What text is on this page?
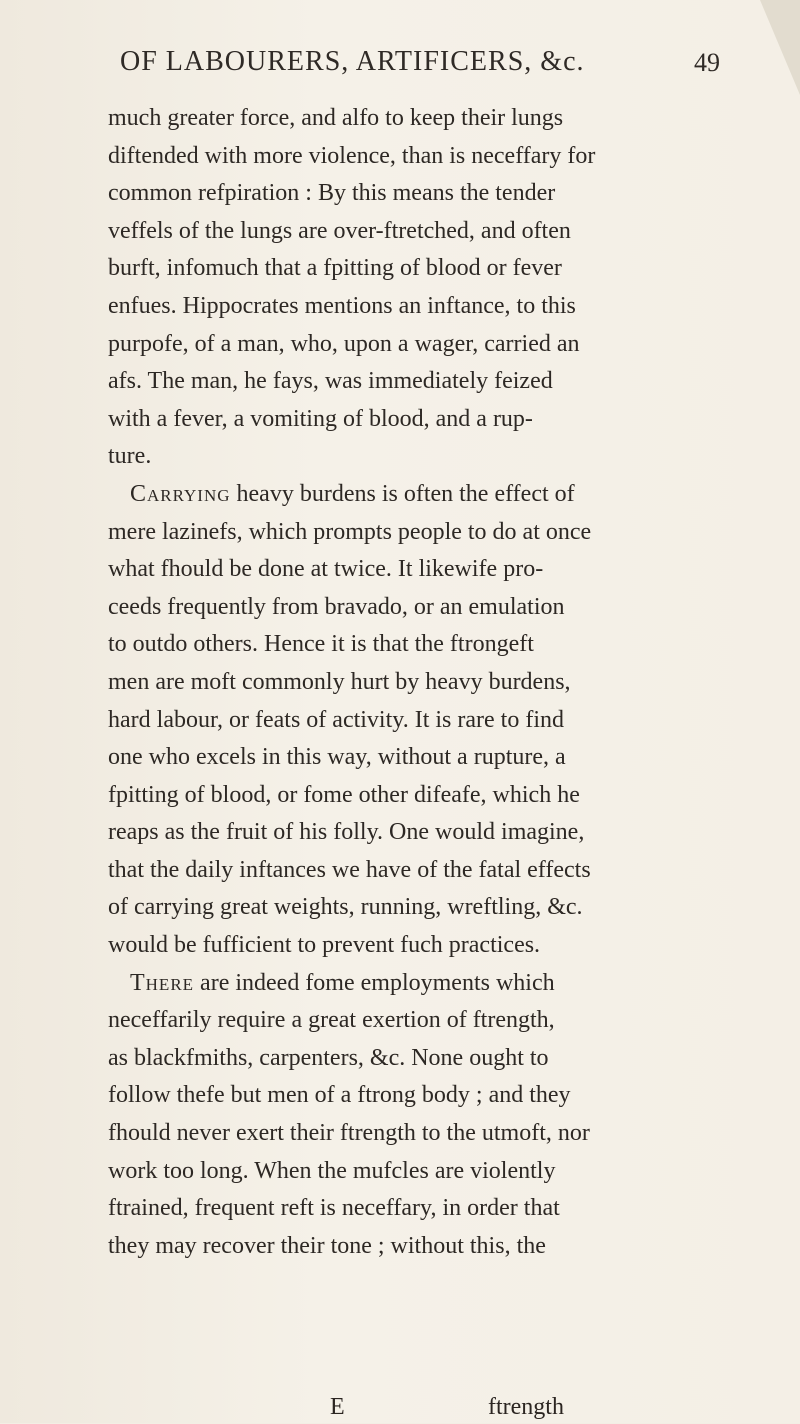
OF LABOURERS, ARTIFICERS, &c.	49
much greater force, and alfo to keep their lungs
diftended with more violence, than is neceffary for
common refpiration : By this means the tender
veffels of the lungs are over-ftretched, and often
burft, infomuch that a fpitting of blood or fever
enfues. Hippocrates mentions an inftance, to this
purpofe, of a man, who, upon a wager, carried an
afs. The man, he fays, was immediately feized
with a fever, a vomiting of blood, and a rup-
ture.
Carrying heavy burdens is often the effect of
mere lazinefs, which prompts people to do at once
what fhould be done at twice. It likewife pro-
ceeds frequently from bravado, or an emulation
to outdo others. Hence it is that the ftrongeft
men are moft commonly hurt by heavy burdens,
hard labour, or feats of activity. It is rare to find
one who excels in this way, without a rupture, a
fpitting of blood, or fome other difeafe, which he
reaps as the fruit of his folly. One would imagine,
that the daily inftances we have of the fatal effects
of carrying great weights, running, wreftling, &c.
would be fufficient to prevent fuch practices.
There are indeed fome employments which
neceffarily require a great exertion of ftrength,
as blackfmiths, carpenters, &c. None ought to
follow thefe but men of a ftrong body ; and they
fhould never exert their ftrength to the utmoft, nor
work too long. When the mufcles are violently
ftrained, frequent reft is neceffary, in order that
they may recover their tone ; without this, the
E	ftrength
